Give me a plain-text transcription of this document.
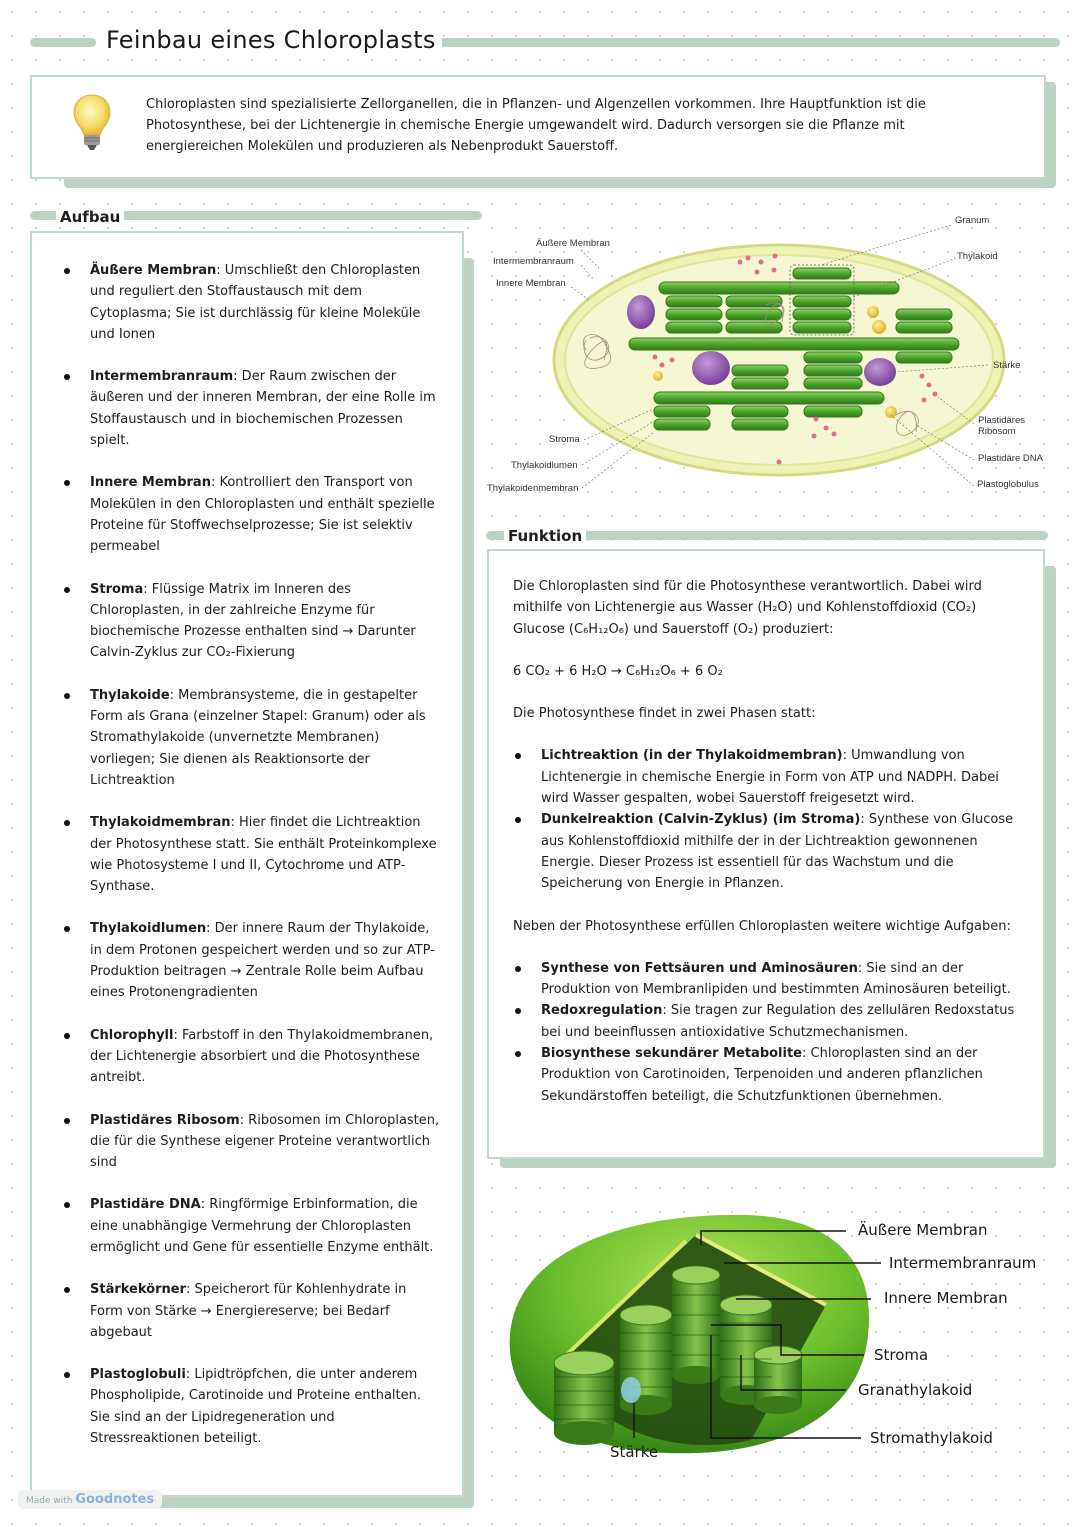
Feinbau eines Chloroplasts
Chloroplasten sind spezialisierte Zellorganellen, die in Pflanzen- und Algenzellen vorkommen. Ihre Hauptfunktion ist die Photosynthese, bei der Lichtenergie in chemische Energie umgewandelt wird. Dadurch versorgen sie die Pflanze mit energiereichen Molekülen und produzieren als Nebenprodukt Sauerstoff.
Aufbau
Äußere Membran: Umschließt den Chloroplasten und reguliert den Stoffaustausch mit dem Cytoplasma; Sie ist durchlässig für kleine Moleküle und Ionen
Intermembranraum: Der Raum zwischen der äußeren und der inneren Membran, der eine Rolle im Stoffaustausch und in biochemischen Prozessen spielt.
Innere Membran: Kontrolliert den Transport von Molekülen in den Chloroplasten und enthält spezielle Proteine für Stoffwechselprozesse; Sie ist selektiv permeabel
Stroma: Flüssige Matrix im Inneren des Chloroplasten, in der zahlreiche Enzyme für biochemische Prozesse enthalten sind → Darunter Calvin-Zyklus zur CO₂-Fixierung
Thylakoide: Membransysteme, die in gestapelter Form als Grana (einzelner Stapel: Granum) oder als Stromathylakoide (unvernetzte Membranen) vorliegen; Sie dienen als Reaktionsorte der Lichtreaktion
Thylakoidmembran: Hier findet die Lichtreaktion der Photosynthese statt. Sie enthält Proteinkomplexe wie Photosysteme I und II, Cytochrome und ATP-Synthase.
Thylakoidlumen: Der innere Raum der Thylakoide, in dem Protonen gespeichert werden und so zur ATP-Produktion beitragen → Zentrale Rolle beim Aufbau eines Protonengradienten
Chlorophyll: Farbstoff in den Thylakoidmembranen, der Lichtenergie absorbiert und die Photosynthese antreibt.
Plastidäres Ribosom: Ribosomen im Chloroplasten, die für die Synthese eigener Proteine verantwortlich sind
Plastidäre DNA: Ringförmige Erbinformation, die eine unabhängige Vermehrung der Chloroplasten ermöglicht und Gene für essentielle Enzyme enthält.
Stärkekörner: Speicherort für Kohlenhydrate in Form von Stärke → Energiereserve; bei Bedarf abgebaut
Plastoglobuli: Lipidtröpfchen, die unter anderem Phospholipide, Carotinoide und Proteine enthalten. Sie sind an der Lipidregeneration und Stressreaktionen beteiligt.
Äußere Membran
Intermembranraum
Innere Membran
Granum
Thylakoid
Stärke
Plastidäres
Ribosom
Plastidäre DNA
Plastoglobulus
Stroma
Thylakoidlumen
Thylakoidenmembran
Funktion

Die Chloroplasten sind für die Photosynthese verantwortlich. Dabei wird mithilfe von Lichtenergie aus Wasser (H₂O) und Kohlenstoffdioxid (CO₂) Glucose (C₆H₁₂O₆) und Sauerstoff (O₂) produziert:

6 CO₂ + 6 H₂O → C₆H₁₂O₆ + 6 O₂

Die Photosynthese findet in zwei Phasen statt:

Lichtreaktion (in der Thylakoidmembran): Umwandlung von Lichtenergie in chemische Energie in Form von ATP und NADPH. Dabei wird Wasser gespalten, wobei Sauerstoff freigesetzt wird.
Dunkelreaktion (Calvin-Zyklus) (im Stroma): Synthese von Glucose aus Kohlenstoffdioxid mithilfe der in der Lichtreaktion gewonnenen Energie. Dieser Prozess ist essentiell für das Wachstum und die Speicherung von Energie in Pflanzen.

Neben der Photosynthese erfüllen Chloroplasten weitere wichtige Aufgaben:

Synthese von Fettsäuren und Aminosäuren: Sie sind an der Produktion von Membranlipiden und bestimmten Aminosäuren beteiligt.
Redoxregulation: Sie tragen zur Regulation des zellulären Redoxstatus bei und beeinflussen antioxidative Schutzmechanismen.
Biosynthese sekundärer Metabolite: Chloroplasten sind an der Produktion von Carotinoiden, Terpenoiden und anderen pflanzlichen Sekundärstoffen beteiligt, die Schutzfunktionen übernehmen.
Äußere Membran
Intermembranraum
Innere Membran
Stroma
Granathylakoid
Stromathylakoid
Stärke
Made with Goodnotes
